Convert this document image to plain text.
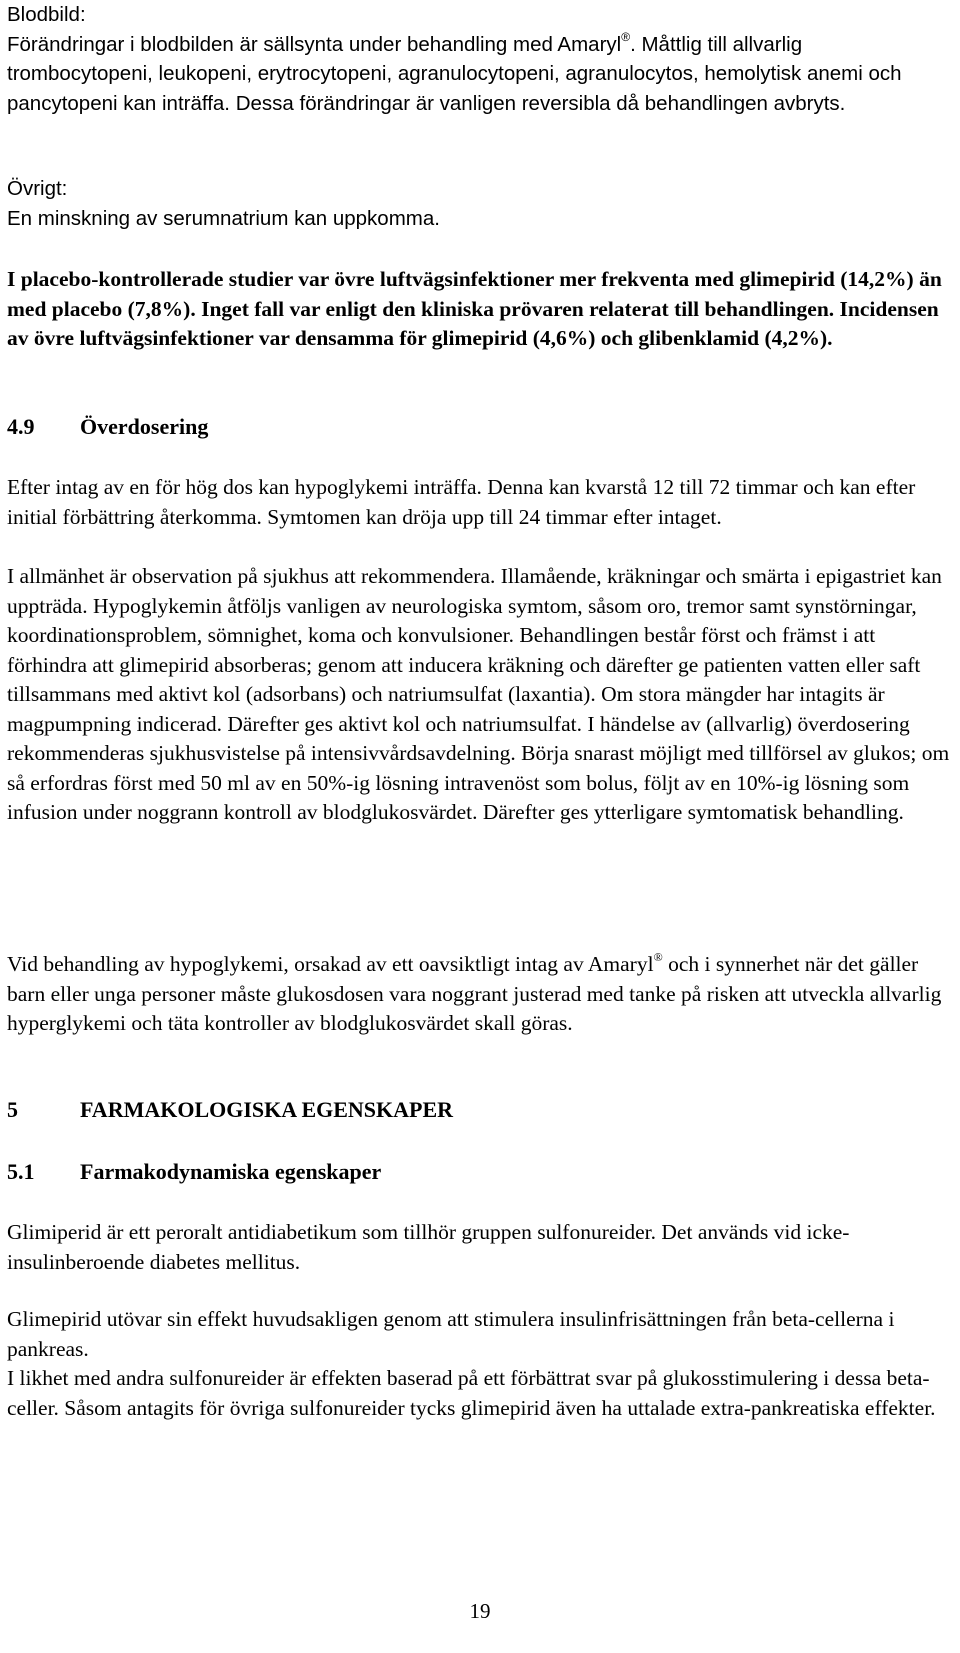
Blodbild:
Förändringar i blodbilden är sällsynta under behandling med Amaryl®. Måttlig till allvarlig trombocytopeni, leukopeni, erytrocytopeni, agranulocytopeni, agranulocytos, hemolytisk anemi och pancytopeni kan inträffa. Dessa förändringar är vanligen reversibla då behandlingen avbryts.
Övrigt:
En minskning av serumnatrium kan uppkomma.

I placebo-kontrollerade studier var övre luftvägsinfektioner mer frekventa med glimepirid (14,2%) än med placebo (7,8%). Inget fall var enligt den kliniska prövaren relaterat till behandlingen. Incidensen av övre luftvägsinfektioner var densamma för glimepirid (4,6%) och glibenklamid (4,2%).

4.9 Överdosering

Efter intag av en för hög dos kan hypoglykemi inträffa. Denna kan kvarstå 12 till 72 timmar och kan efter initial förbättring återkomma. Symtomen kan dröja upp till 24 timmar efter intaget.

I allmänhet är observation på sjukhus att rekommendera. Illamående, kräkningar och smärta i epigastriet kan uppträda. Hypoglykemin åtföljs vanligen av neurologiska symtom, såsom oro, tremor samt synstörningar, koordinationsproblem, sömnighet, koma och konvulsioner. Behandlingen består först och främst i att förhindra att glimepirid absorberas; genom att inducera kräkning och därefter ge patienten vatten eller saft tillsammans med aktivt kol (adsorbans) och natriumsulfat (laxantia). Om stora mängder har intagits är magpumpning indicerad. Därefter ges aktivt kol och natriumsulfat. I händelse av (allvarlig) överdosering rekommenderas sjukhusvistelse på intensivvårdsavdelning. Börja snarast möjligt med tillförsel av glukos; om så erfordras först med 50 ml av en 50%-ig lösning intravenöst som bolus, följt av en 10%-ig lösning som infusion under noggrann kontroll av blodglukosvärdet. Därefter ges ytterligare symtomatisk behandling.

Vid behandling av hypoglykemi, orsakad av ett oavsiktligt intag av Amaryl® och i synnerhet när det gäller barn eller unga personer måste glukosdosen vara noggrant justerad med tanke på risken att utveckla allvarlig hyperglykemi och täta kontroller av blodglukosvärdet skall göras.

5	FARMAKOLOGISKA EGENSKAPER
5.1 Farmakodynamiska egenskaper

Glimiperid är ett peroralt antidiabetikum som tillhör gruppen sulfonureider. Det används vid icke-insulinberoende diabetes mellitus.

Glimepirid utövar sin effekt huvudsakligen genom att stimulera insulinfrisättningen från beta-cellerna i pankreas.
I likhet med andra sulfonureider är effekten baserad på ett förbättrat svar på glukosstimulering i dessa beta-celler. Såsom antagits för övriga sulfonureider tycks glimepirid även ha uttalade extra-pankreatiska effekter.

19
